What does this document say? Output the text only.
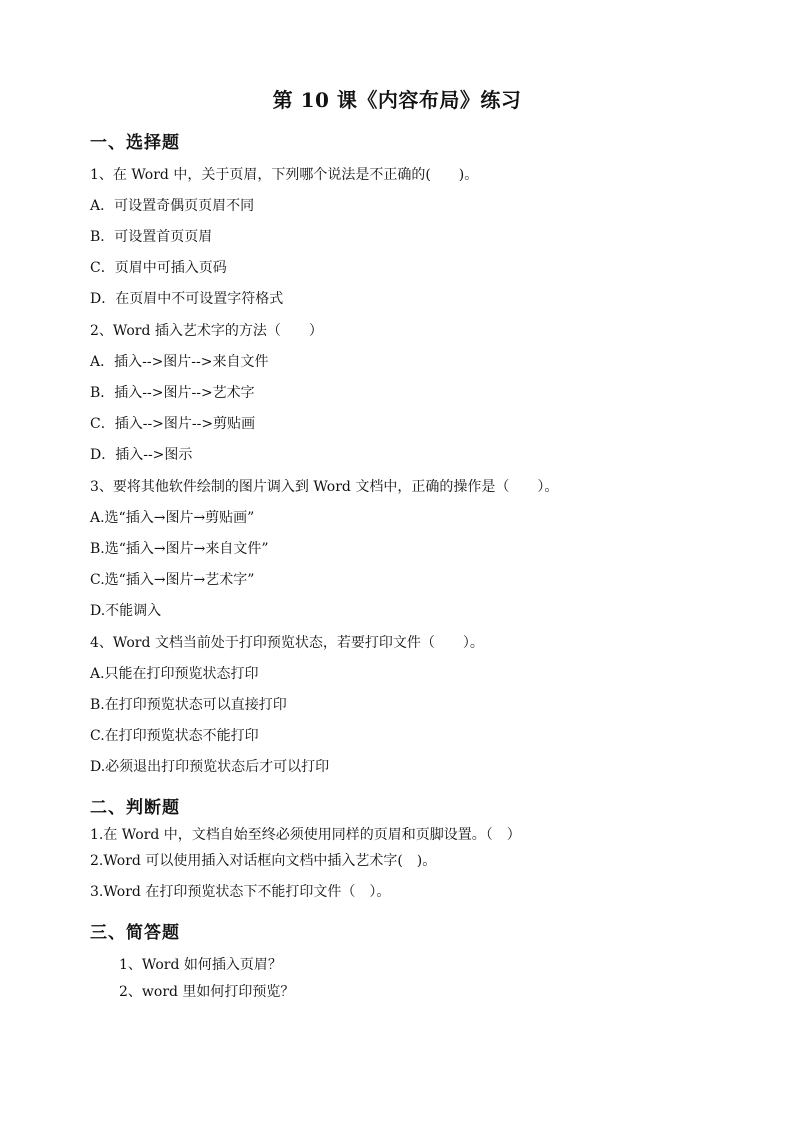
第 10 课《内容布局》练习
一、选择题
1、在 Word 中，关于页眉，下列哪个说法是不正确的(　　)。
A．可设置奇偶页页眉不同
B．可设置首页页眉
C．页眉中可插入页码
D．在页眉中不可设置字符格式
2、Word 插入艺术字的方法（　　）
A．插入-->图片-->来自文件
B．插入-->图片-->艺术字
C．插入-->图片-->剪贴画
D．插入-->图示
3、要将其他软件绘制的图片调入到 Word 文档中，正确的操作是（　　）。
A.选“插入→图片→剪贴画”
B.选“插入→图片→来自文件”
C.选“插入→图片→艺术字”
D.不能调入
4、Word 文档当前处于打印预览状态，若要打印文件（　　）。
A.只能在打印预览状态打印
B.在打印预览状态可以直接打印
C.在打印预览状态不能打印
D.必须退出打印预览状态后才可以打印
二、判断题
1.在 Word 中，文档自始至终必须使用同样的页眉和页脚设置。（　）
2.Word 可以使用插入对话框向文档中插入艺术字(　)。
3.Word 在打印预览状态下不能打印文件（　）。
三、简答题
1、Word 如何插入页眉？
2、word 里如何打印预览？
